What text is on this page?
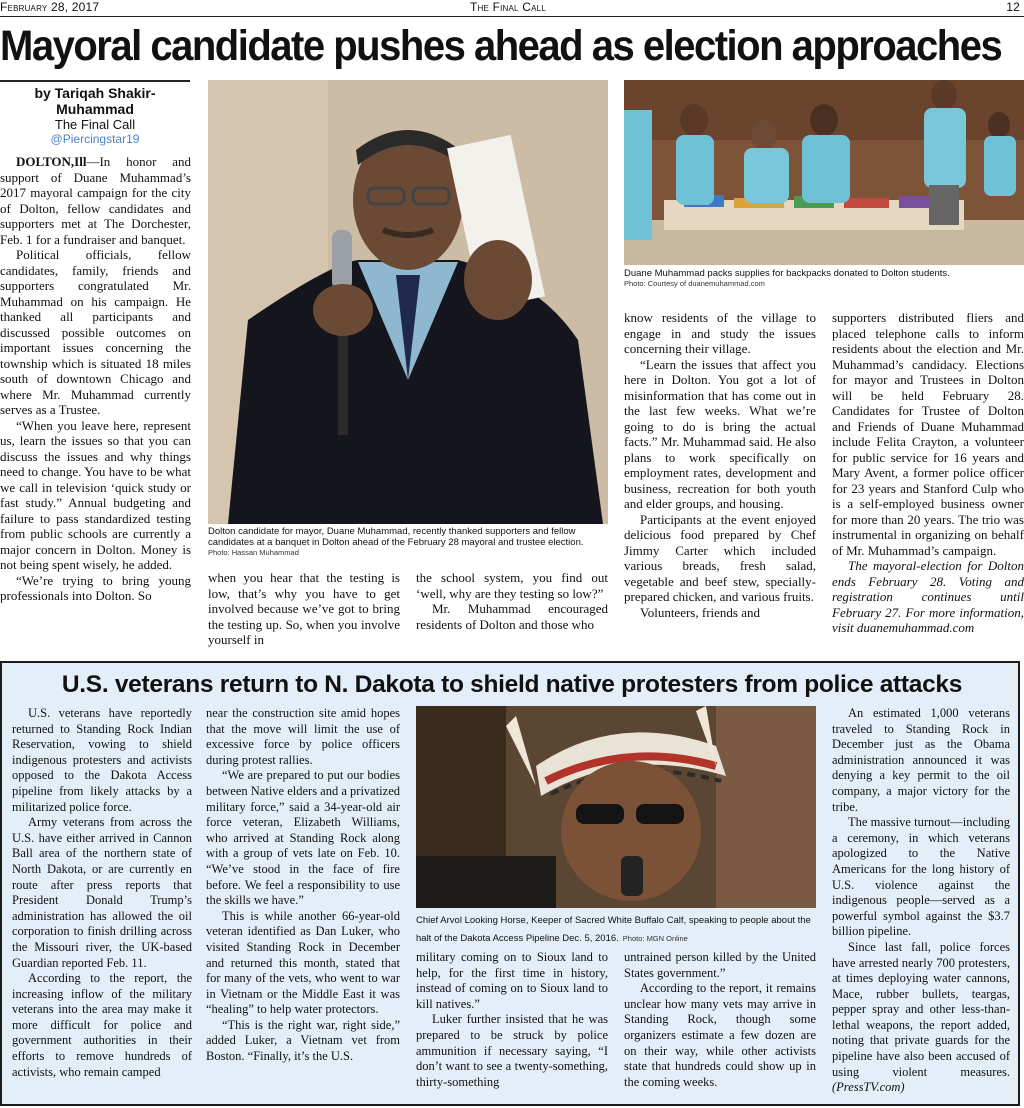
February 28, 2017	The Final Call	12
Mayoral candidate pushes ahead as election approaches
by Tariqah Shakir-Muhammad
The Final Call
@Piercingstar19

DOLTON,Ill—In honor and support of Duane Muhammad’s 2017 mayoral campaign for the city of Dolton, fellow candidates and supporters met at The Dorchester, Feb. 1 for a fundraiser and banquet.

Political officials, fellow candidates, family, friends and supporters congratulated Mr. Muhammad on his campaign. He thanked all participants and discussed possible outcomes on important issues concerning the township which is situated 18 miles south of downtown Chicago and where Mr. Muhammad currently serves as a Trustee.

“When you leave here, represent us, learn the issues so that you can discuss the issues and why things need to change. You have to be what we call in television ‘quick study or fast study.” Annual budgeting and failure to pass standardized testing from public schools are currently a major concern in Dolton. Money is not being spent wisely, he added.

“We’re trying to bring young professionals into Dolton. So

Dolton candidate for mayor, Duane Muhammad, recently thanked supporters and fellow candidates at a banquet in Dolton ahead of the February 28 mayoral and trustee election.
Photo: Hassan Muhammad

when you hear that the testing is low, that’s why you have to get involved because we’ve got to bring the testing up. So, when you involve yourself in

the school system, you find out ‘well, why are they testing so low?”

Mr. Muhammad encouraged residents of Dolton and those who

Duane Muhammad packs supplies for backpacks donated to Dolton students.
Photo: Courtesy of duanemuhammad.com

know residents of the village to engage in and study the issues concerning their village.

“Learn the issues that affect you here in Dolton. You got a lot of misinformation that has come out in the last few weeks. What we’re going to do is bring the actual facts.” Mr. Muhammad said. He also plans to work specifically on employment rates, development and business, recreation for both youth and elder groups, and housing.

Participants at the event enjoyed delicious food prepared by Chef Jimmy Carter which included various breads, fresh salad, vegetable and beef stew, specially-prepared chicken, and various fruits.

Volunteers, friends and

supporters distributed fliers and placed telephone calls to inform residents about the election and Mr. Muhammad’s candidacy. Elections for mayor and Trustees in Dolton will be held February 28. Candidates for Trustee of Dolton and Friends of Duane Muhammad include Felita Crayton, a volunteer for public service for 16 years and Mary Avent, a former police officer for 23 years and Stanford Culp who is a self-employed business owner for more than 20 years. The trio was instrumental in organizing on behalf of Mr. Muhammad’s campaign.

The mayoral-election for Dolton ends February 28. Voting and registration continues until February 27. For more information, visit duanemuhammad.com

U.S. veterans return to N. Dakota to shield native protesters from police attacks

U.S. veterans have reportedly returned to Standing Rock Indian Reservation, vowing to shield indigenous protesters and activists opposed to the Dakota Access pipeline from likely attacks by a militarized police force.

Army veterans from across the U.S. have either arrived in Cannon Ball area of the northern state of North Dakota, or are currently en route after press reports that President Donald Trump’s administration has allowed the oil corporation to finish drilling across the Missouri river, the UK-based Guardian reported Feb. 11.

According to the report, the increasing inflow of the military veterans into the area may make it more difficult for police and government authorities in their efforts to remove hundreds of activists, who remain camped

near the construction site amid hopes that the move will limit the use of excessive force by police officers during protest rallies.

“We are prepared to put our bodies between Native elders and a privatized military force,” said a 34-year-old air force veteran, Elizabeth Williams, who arrived at Standing Rock along with a group of vets late on Feb. 10. “We’ve stood in the face of fire before. We feel a responsibility to use the skills we have.”

This is while another 66-year-old veteran identified as Dan Luker, who visited Standing Rock in December and returned this month, stated that for many of the vets, who went to war in Vietnam or the Middle East it was “healing” to help water protectors.

“This is the right war, right side,” added Luker, a Vietnam vet from Boston. “Finally, it’s the U.S.

Chief Arvol Looking Horse, Keeper of Sacred White Buffalo Calf, speaking to people about the halt of the Dakota Access Pipeline Dec. 5, 2016. Photo: MGN Online

military coming on to Sioux land to help, for the first time in history, instead of coming on to Sioux land to kill natives.”

Luker further insisted that he was prepared to be struck by police ammunition if necessary saying, “I don’t want to see a twenty-something, thirty-something

untrained person killed by the United States government.”

According to the report, it remains unclear how many vets may arrive in Standing Rock, though some organizers estimate a few dozen are on their way, while other activists state that hundreds could show up in the coming weeks.

An estimated 1,000 veterans traveled to Standing Rock in December just as the Obama administration announced it was denying a key permit to the oil company, a major victory for the tribe.

The massive turnout—including a ceremony, in which veterans apologized to the Native Americans for the long history of U.S. violence against the indigenous people—served as a powerful symbol against the $3.7 billion pipeline.

Since last fall, police forces have arrested nearly 700 protesters, at times deploying water cannons, Mace, rubber bullets, teargas, pepper spray and other less-than-lethal weapons, the report added, noting that private guards for the pipeline have also been accused of using violent measures. (PressTV.com)
